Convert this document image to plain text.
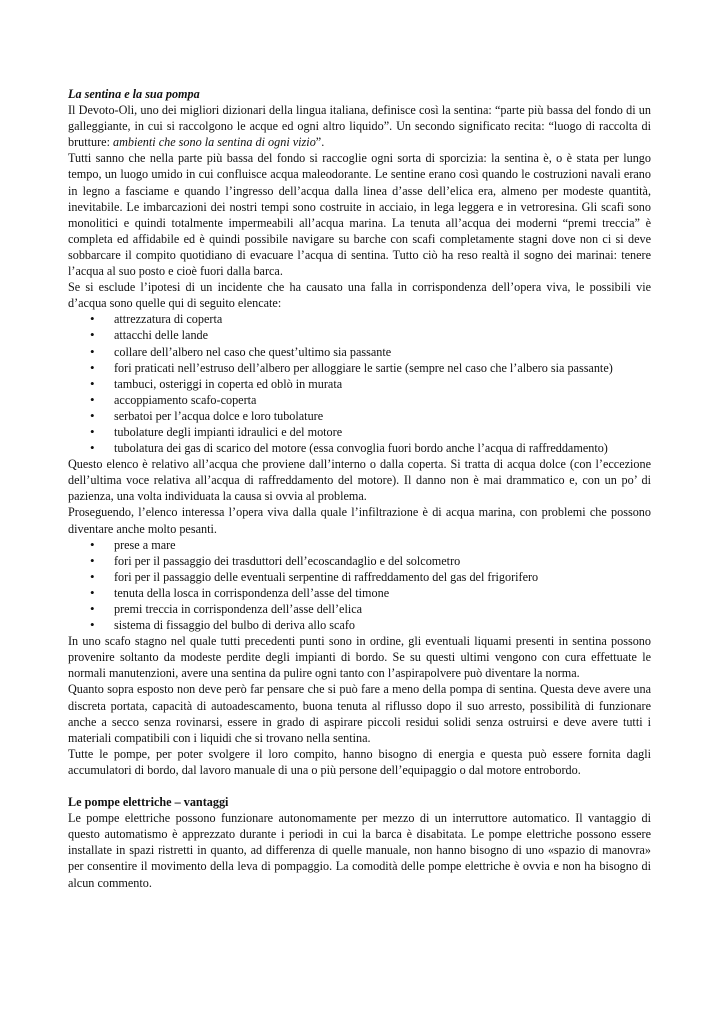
La sentina e la sua pompa

Il Devoto-Oli, uno dei migliori dizionari della lingua italiana, definisce così la sentina: “parte più bassa del fondo di un galleggiante, in cui si raccolgono le acque ed ogni altro liquido”. Un secondo significato recita: “luogo di raccolta di brutture: ambienti che sono la sentina di ogni vizio”.

Tutti sanno che nella parte più bassa del fondo si raccoglie ogni sorta di sporcizia: la sentina è, o è stata per lungo tempo, un luogo umido in cui confluisce acqua maleodorante. Le sentine erano così quando le costruzioni navali erano in legno a fasciame e quando l’ingresso dell’acqua dalla linea d’asse dell’elica era, almeno per modeste quantità, inevitabile. Le imbarcazioni dei nostri tempi sono costruite in acciaio, in lega leggera e in vetroresina. Gli scafi sono monolitici e quindi totalmente impermeabili all’acqua marina. La tenuta all’acqua dei moderni “premi treccia” è completa ed affidabile ed è quindi possibile navigare su barche con scafi completamente stagni dove non ci si deve sobbarcare il compito quotidiano di evacuare l’acqua di sentina. Tutto ciò ha reso realtà il sogno dei marinai: tenere l’acqua al suo posto e cioè fuori dalla barca.

Se si esclude l’ipotesi di un incidente che ha causato una falla in corrispondenza dell’opera viva, le possibili vie d’acqua sono quelle qui di seguito elencate:

• attrezzatura di coperta
• attacchi delle lande
• collare dell’albero nel caso che quest’ultimo sia passante
• fori praticati nell’estruso dell’albero per alloggiare le sartie (sempre nel caso che l’albero sia passante)
• tambuci, osteriggi in coperta ed oblò in murata
• accoppiamento scafo-coperta
• serbatoi per l’acqua dolce e loro tubolature
• tubolature degli impianti idraulici e del motore
• tubolatura dei gas di scarico del motore (essa convoglia fuori bordo anche l’acqua di raffreddamento)

Questo elenco è relativo all’acqua che proviene dall’interno o dalla coperta. Si tratta di acqua dolce (con l’eccezione dell’ultima voce relativa all’acqua di raffreddamento del motore). Il danno non è mai drammatico e, con un po’ di pazienza, una volta individuata la causa si ovvia al problema.

Proseguendo, l’elenco interessa l’opera viva dalla quale l’infiltrazione è di acqua marina, con problemi che possono diventare anche molto pesanti.

• prese a mare
• fori per il passaggio dei trasduttori dell’ecoscandaglio e del solcometro
• fori per il passaggio delle eventuali serpentine di raffreddamento del gas del frigorifero
• tenuta della losca in corrispondenza dell’asse del timone
• premi treccia in corrispondenza dell’asse dell’elica
• sistema di fissaggio del bulbo di deriva allo scafo

In uno scafo stagno nel quale tutti precedenti punti sono in ordine, gli eventuali liquami presenti in sentina possono provenire soltanto da modeste perdite degli impianti di bordo. Se su questi ultimi vengono con cura effettuate le normali manutenzioni, avere una sentina da pulire ogni tanto con l’aspirapolvere può diventare la norma.

Quanto sopra esposto non deve però far pensare che si può fare a meno della pompa di sentina. Questa deve avere una discreta portata, capacità di autoadescamento, buona tenuta al riflusso dopo il suo arresto, possibilità di funzionare anche a secco senza rovinarsi, essere in grado di aspirare piccoli residui solidi senza ostruirsi e deve avere tutti i materiali compatibili con i liquidi che si trovano nella sentina.

Tutte le pompe, per poter svolgere il loro compito, hanno bisogno di energia e questa può essere fornita dagli accumulatori di bordo, dal lavoro manuale di una o più persone dell’equipaggio o dal motore entrobordo.

Le pompe elettriche – vantaggi

Le pompe elettriche possono funzionare autonomamente per mezzo di un interruttore automatico. Il vantaggio di questo automatismo è apprezzato durante i periodi in cui la barca è disabitata. Le pompe elettriche possono essere installate in spazi ristretti in quanto, ad differenza di quelle manuale, non hanno bisogno di uno «spazio di manovra» per consentire il movimento della leva di pompaggio. La comodità delle pompe elettriche è ovvia e non ha bisogno di alcun commento.
